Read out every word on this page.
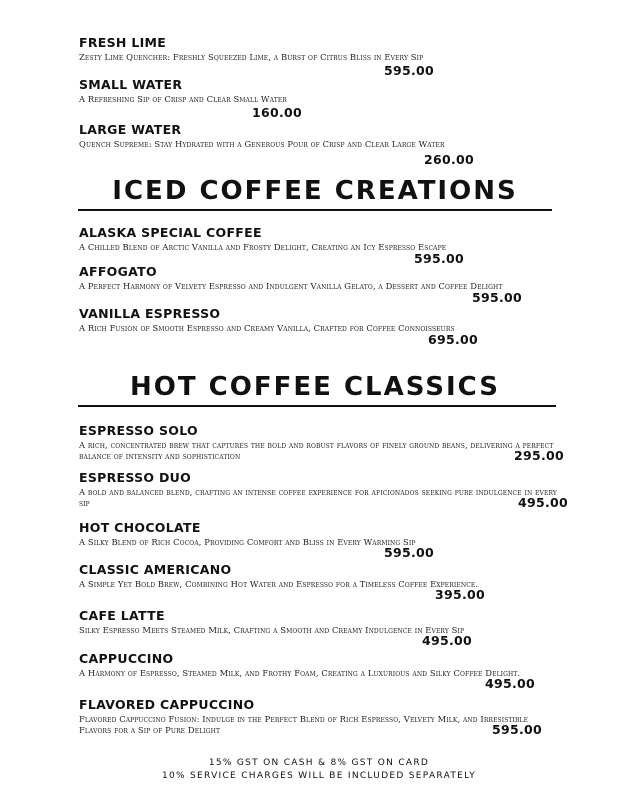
FRESH LIME
Zesty Lime Quencher: Freshly Squeezed Lime, a Burst of Citrus Bliss in Every Sip
595.00
SMALL WATER
A Refreshing Sip of Crisp and Clear Small Water
160.00
LARGE WATER
Quench Supreme: Stay Hydrated with a Generous Pour of Crisp and Clear Large Water
260.00
ICED COFFEE CREATIONS
ALASKA SPECIAL COFFEE
A Chilled Blend of Arctic Vanilla and Frosty Delight, Creating an Icy Espresso Escape
595.00
AFFOGATO
A Perfect Harmony of Velvety Espresso and Indulgent Vanilla Gelato, a Dessert and Coffee Delight
595.00
VANILLA ESPRESSO
A Rich Fusion of Smooth Espresso and Creamy Vanilla, Crafted for Coffee Connoisseurs
695.00
HOT COFFEE CLASSICS
ESPRESSO SOLO
A rich, concentrated brew that captures the bold and robust flavors of finely ground beans, delivering a perfect balance of intensity and sophistication	295.00
ESPRESSO DUO
A bold and balanced blend, crafting an intense coffee experience for aficionados seeking pure indulgence in every sip	495.00
HOT CHOCOLATE
A Silky Blend of Rich Cocoa, Providing Comfort and Bliss in Every Warming Sip
595.00
CLASSIC AMERICANO
A Simple Yet Bold Brew, Combining Hot Water and Espresso for a Timeless Coffee Experience.
395.00
CAFE LATTE
Silky Espresso Meets Steamed Milk, Crafting a Smooth and Creamy Indulgence in Every Sip
495.00
CAPPUCCINO
A Harmony of Espresso, Steamed Milk, and Frothy Foam, Creating a Luxurious and Silky Coffee Delight.
495.00
FLAVORED CAPPUCCINO
Flavored Cappuccino Fusion: Indulge in the Perfect Blend of Rich Espresso, Velvety Milk, and Irresistible Flavors for a Sip of Pure Delight	595.00
15% GST ON CASH & 8% GST ON CARD
10% SERVICE CHARGES WILL BE INCLUDED SEPARATELY
